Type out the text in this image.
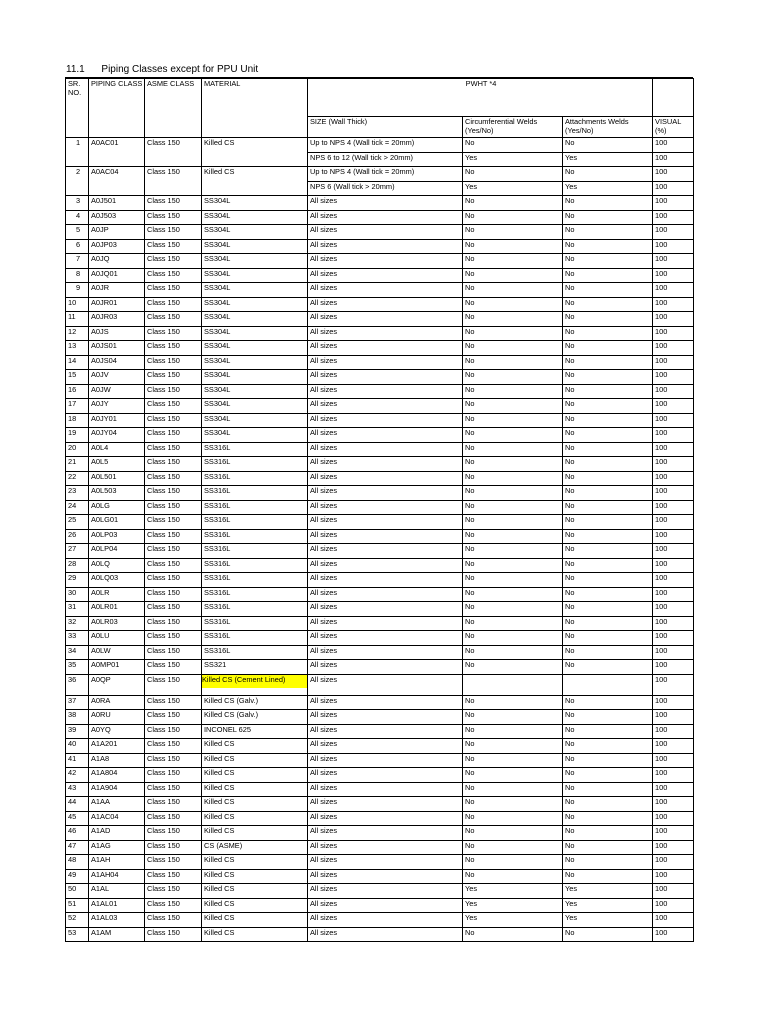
11.1 Piping Classes except for PPU Unit
SR. NO.	PIPING CLASS	ASME CLASS	MATERIAL	PWHT *4			
				SIZE (Wall Thick)	Circumferential Welds (Yes/No)	Attachments Welds (Yes/No)	VISUAL (%)
1	A0AC01	Class 150	Killed CS	Up to NPS 4 (Wall tick = 20mm)	No	No	100
				NPS 6 to 12 (Wall tick > 20mm)	Yes	Yes	100
2	A0AC04	Class 150	Killed CS	Up to NPS 4 (Wall tick = 20mm)	No	No	100
				NPS 6 (Wall tick > 20mm)	Yes	Yes	100
3	A0J501	Class 150	SS304L	All sizes	No	No	100
4	A0J503	Class 150	SS304L	All sizes	No	No	100
5	A0JP	Class 150	SS304L	All sizes	No	No	100
6	A0JP03	Class 150	SS304L	All sizes	No	No	100
7	A0JQ	Class 150	SS304L	All sizes	No	No	100
8	A0JQ01	Class 150	SS304L	All sizes	No	No	100
9	A0JR	Class 150	SS304L	All sizes	No	No	100
10	A0JR01	Class 150	SS304L	All sizes	No	No	100
11	A0JR03	Class 150	SS304L	All sizes	No	No	100
12	A0JS	Class 150	SS304L	All sizes	No	No	100
13	A0JS01	Class 150	SS304L	All sizes	No	No	100
14	A0JS04	Class 150	SS304L	All sizes	No	No	100
15	A0JV	Class 150	SS304L	All sizes	No	No	100
16	A0JW	Class 150	SS304L	All sizes	No	No	100
17	A0JY	Class 150	SS304L	All sizes	No	No	100
18	A0JY01	Class 150	SS304L	All sizes	No	No	100
19	A0JY04	Class 150	SS304L	All sizes	No	No	100
20	A0L4	Class 150	SS316L	All sizes	No	No	100
21	A0L5	Class 150	SS316L	All sizes	No	No	100
22	A0L501	Class 150	SS316L	All sizes	No	No	100
23	A0L503	Class 150	SS316L	All sizes	No	No	100
24	A0LG	Class 150	SS316L	All sizes	No	No	100
25	A0LG01	Class 150	SS316L	All sizes	No	No	100
26	A0LP03	Class 150	SS316L	All sizes	No	No	100
27	A0LP04	Class 150	SS316L	All sizes	No	No	100
28	A0LQ	Class 150	SS316L	All sizes	No	No	100
29	A0LQ03	Class 150	SS316L	All sizes	No	No	100
30	A0LR	Class 150	SS316L	All sizes	No	No	100
31	A0LR01	Class 150	SS316L	All sizes	No	No	100
32	A0LR03	Class 150	SS316L	All sizes	No	No	100
33	A0LU	Class 150	SS316L	All sizes	No	No	100
34	A0LW	Class 150	SS316L	All sizes	No	No	100
35	A0MP01	Class 150	SS321	All sizes	No	No	100
36	A0QP	Class 150	Killed CS (Cement Lined)	All sizes			100
37	A0RA	Class 150	Killed CS (Galv.)	All sizes	No	No	100
38	A0RU	Class 150	Killed CS (Galv.)	All sizes	No	No	100
39	A0YQ	Class 150	INCONEL 625	All sizes	No	No	100
40	A1A201	Class 150	Killed CS	All sizes	No	No	100
41	A1A8	Class 150	Killed CS	All sizes	No	No	100
42	A1A804	Class 150	Killed CS	All sizes	No	No	100
43	A1A904	Class 150	Killed CS	All sizes	No	No	100
44	A1AA	Class 150	Killed CS	All sizes	No	No	100
45	A1AC04	Class 150	Killed CS	All sizes	No	No	100
46	A1AD	Class 150	Killed CS	All sizes	No	No	100
47	A1AG	Class 150	CS (ASME)	All sizes	No	No	100
48	A1AH	Class 150	Killed CS	All sizes	No	No	100
49	A1AH04	Class 150	Killed CS	All sizes	No	No	100
50	A1AL	Class 150	Killed CS	All sizes	Yes	Yes	100
51	A1AL01	Class 150	Killed CS	All sizes	Yes	Yes	100
52	A1AL03	Class 150	Killed CS	All sizes	Yes	Yes	100
53	A1AM	Class 150	Killed CS	All sizes	No	No	100
